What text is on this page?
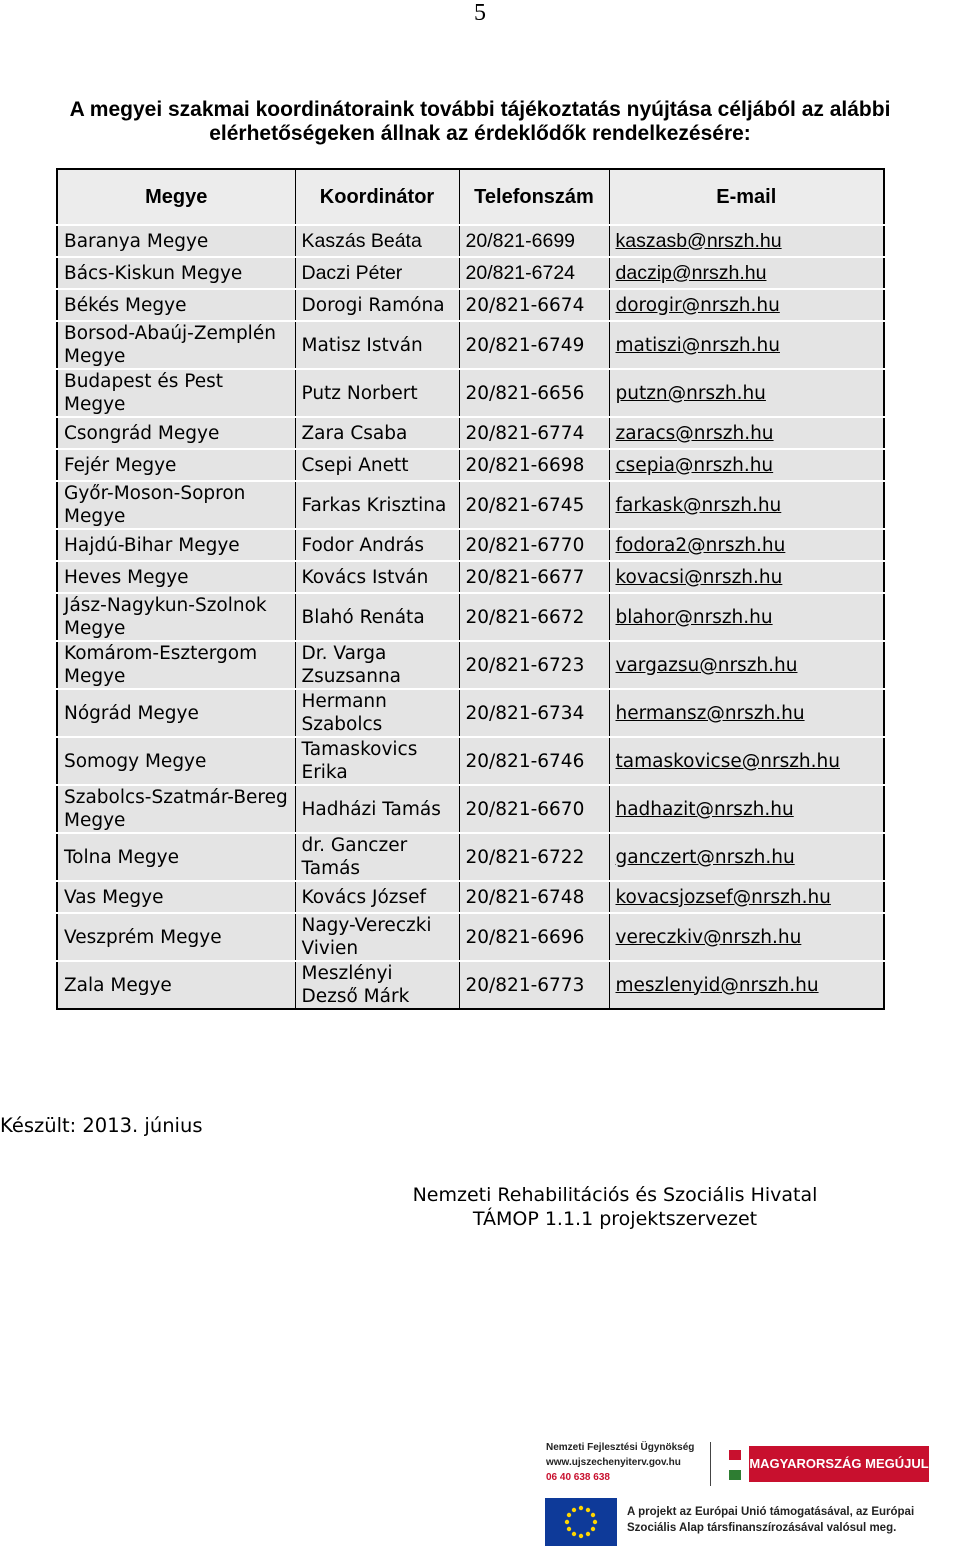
5
A megyei szakmai koordinátoraink további tájékoztatás nyújtása céljából az alábbi
elérhetőségeken állnak az érdeklődők rendelkezésére:
Megye	Koordinátor	Telefonszám	E-mail
Baranya Megye	Kaszás Beáta	20/821-6699	kaszasb@nrszh.hu
Bács-Kiskun Megye	Daczi Péter	20/821-6724	daczip@nrszh.hu
Békés Megye	Dorogi Ramóna	20/821-6674	dorogir@nrszh.hu
Borsod-Abaúj-Zemplén Megye	Matisz István	20/821-6749	matiszi@nrszh.hu
Budapest és Pest Megye	Putz Norbert	20/821-6656	putzn@nrszh.hu
Csongrád Megye	Zara Csaba	20/821-6774	zaracs@nrszh.hu
Fejér Megye	Csepi Anett	20/821-6698	csepia@nrszh.hu
Győr-Moson-Sopron Megye	Farkas Krisztina	20/821-6745	farkask@nrszh.hu
Hajdú-Bihar Megye	Fodor András	20/821-6770	fodora2@nrszh.hu
Heves Megye	Kovács István	20/821-6677	kovacsi@nrszh.hu
Jász-Nagykun-Szolnok Megye	Blahó Renáta	20/821-6672	blahor@nrszh.hu
Komárom-Esztergom Megye	Dr. Varga Zsuzsanna	20/821-6723	vargazsu@nrszh.hu
Nógrád Megye	Hermann Szabolcs	20/821-6734	hermansz@nrszh.hu
Somogy Megye	Tamaskovics Erika	20/821-6746	tamaskovicse@nrszh.hu
Szabolcs-Szatmár-Bereg Megye	Hadházi Tamás	20/821-6670	hadhazit@nrszh.hu
Tolna Megye	dr. Ganczer Tamás	20/821-6722	ganczert@nrszh.hu
Vas Megye	Kovács József	20/821-6748	kovacsjozsef@nrszh.hu
Veszprém Megye	Nagy-Vereczki Vivien	20/821-6696	vereczkiv@nrszh.hu
Zala Megye	Meszlényi Dezső Márk	20/821-6773	meszlenyid@nrszh.hu
Készült: 2013. június
Nemzeti Rehabilitációs és Szociális Hivatal
TÁMOP 1.1.1 projektszervezet
Nemzeti Fejlesztési Ügynökség
www.ujszechenyiterv.gov.hu
06 40 638 638
MAGYARORSZÁG MEGÚJUL
A projekt az Európai Unió támogatásával, az Európai
Szociális Alap társfinanszírozásával valósul meg.
